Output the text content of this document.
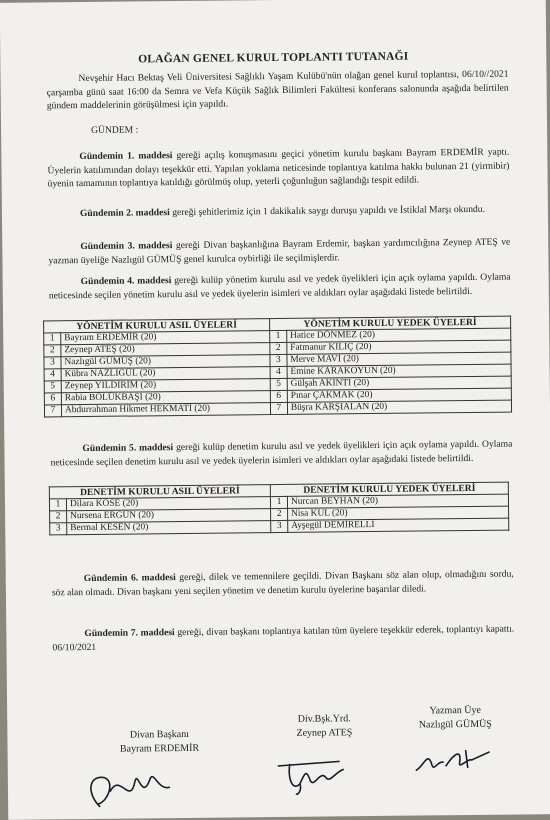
OLAĞAN GENEL KURUL TOPLANTI TUTANAĞI
Nevşehir Hacı Bektaş Veli Üniversitesi Sağlıklı Yaşam Kulübü'nün olağan genel kurul toplantısı, 06/10//2021 çarşamba günü saat 16:00 da Semra ve Vefa Küçük Sağlık Bilimleri Fakültesi konferans salonunda aşağıda belirtilen gündem maddelerinin görüşülmesi için yapıldı.
GÜNDEM :
Gündemin 1. maddesi gereği açılış konuşmasını geçici yönetim kurulu başkanı Bayram ERDEMİR yaptı. Üyelerin katılımından dolayı teşekkür etti. Yapılan yoklama neticesinde toplantıya katılma hakkı bulunan 21 (yirmibir) üyenin tamamının toplantıya katıldığı görülmüş olup, yeterli çoğunluğun sağlandığı tespit edildi.
Gündemin 2. maddesi gereği şehitlerimiz için 1 dakikalık saygı duruşu yapıldı ve İstiklal Marşı okundu.
Gündemin 3. maddesi gereği Divan başkanlığına Bayram Erdemir, başkan yardımcılığına Zeynep ATEŞ ve yazman üyeliğe Nazlıgül GÜMÜŞ genel kurulca oybirliği ile seçilmişlerdir.
Gündemin 4. maddesi gereği kulüp yönetim kurulu asıl ve yedek üyelikleri için açık oylama yapıldı. Oylama neticesinde seçilen yönetim kurulu asıl ve yedek üyelerin isimleri ve aldıkları oylar aşağıdaki listede belirtildi.
YÖNETİM KURULU ASIL ÜYELERİ		YÖNETİM KURULU YEDEK ÜYELERİ	
1	Bayram ERDEMİR (20)	1	Hatice DÖNMEZ (20)
2	Zeynep ATEŞ (20)	2	Fatmanur KILIÇ (20)
3	Nazlıgül GÜMÜŞ (20)	3	Merve MAVİ (20)
4	Kübra NAZLIGÜL (20)	4	Emine KARAKOYUN (20)
5	Zeynep YILDIRIM (20)	5	Gülşah AKINTI (20)
6	Rabia BÖLÜKBAŞI (20)	6	Pınar ÇAKMAK (20)
7	Abdurrahman Hikmet HEKMATİ (20)	7	Büşra KARŞIALAN (20)
Gündemin 5. maddesi gereği kulüp denetim kurulu asıl ve yedek üyelikleri için açık oylama yapıldı. Oylama neticesinde seçilen denetim kurulu asıl ve yedek üyelerin isimleri ve aldıkları oylar aşağıdaki listede belirtildi.
DENETİM KURULU ASIL ÜYELERİ		DENETİM KURULU YEDEK ÜYELERİ	
1	Dilara KÖSE (20)	1	Nurcan BEYHAN (20)
2	Nursena ERGÜN (20)	2	Nisa KUL (20)
3	Bermal KESEN (20)	3	Ayşegül DEMİRELLİ
Gündemin 6. maddesi gereği, dilek ve temennilere geçildi. Divan Başkanı söz alan olup, olmadığını sordu, söz alan olmadı. Divan başkanı yeni seçilen yönetim ve denetim kurulu üyelerine başarılar diledi.
Gündemin 7. maddesi gereği, divan başkanı toplantıya katılan tüm üyelere teşekkür ederek, toplantıyı kapattı. 06/10/2021
Divan Başkanı
Bayram ERDEMİR
Div.Bşk.Yrd.
Zeynep ATEŞ
Yazman Üye
Nazlıgül GÜMÜŞ
